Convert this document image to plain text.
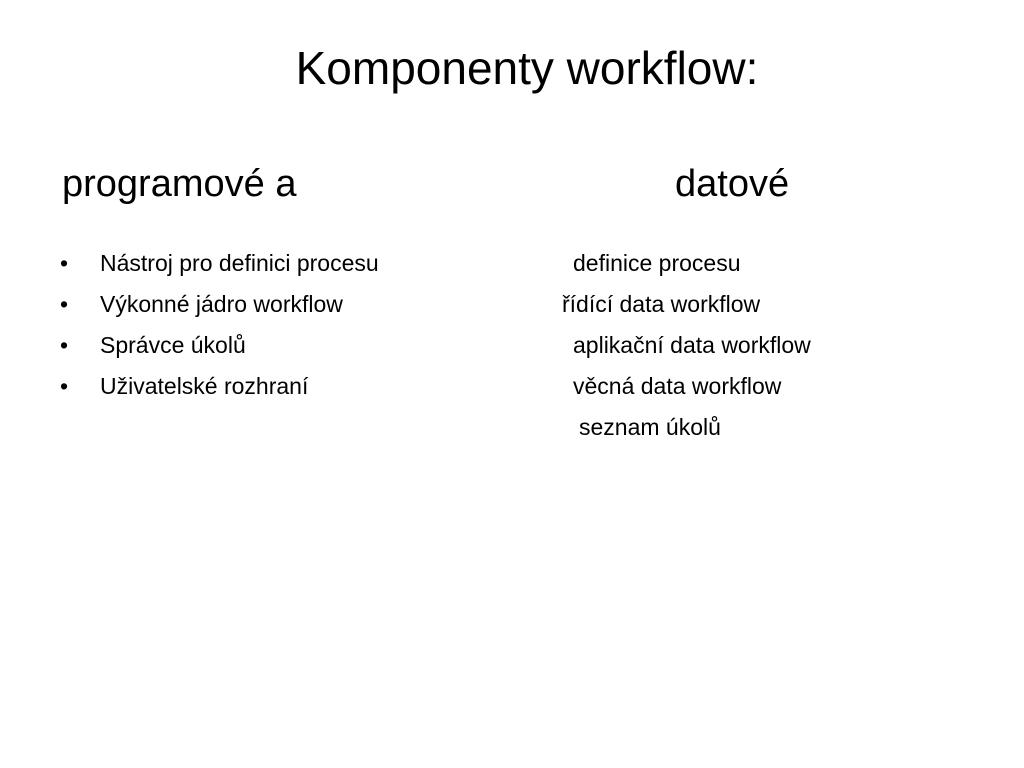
Komponenty workflow:
programové a	datové
• Nástroj pro definici procesu
• Výkonné jádro workflow
• Správce úkolů
• Uživatelské rozhraní
definice procesu
řídící data workflow
aplikační data workflow
věcná data workflow
seznam úkolů
